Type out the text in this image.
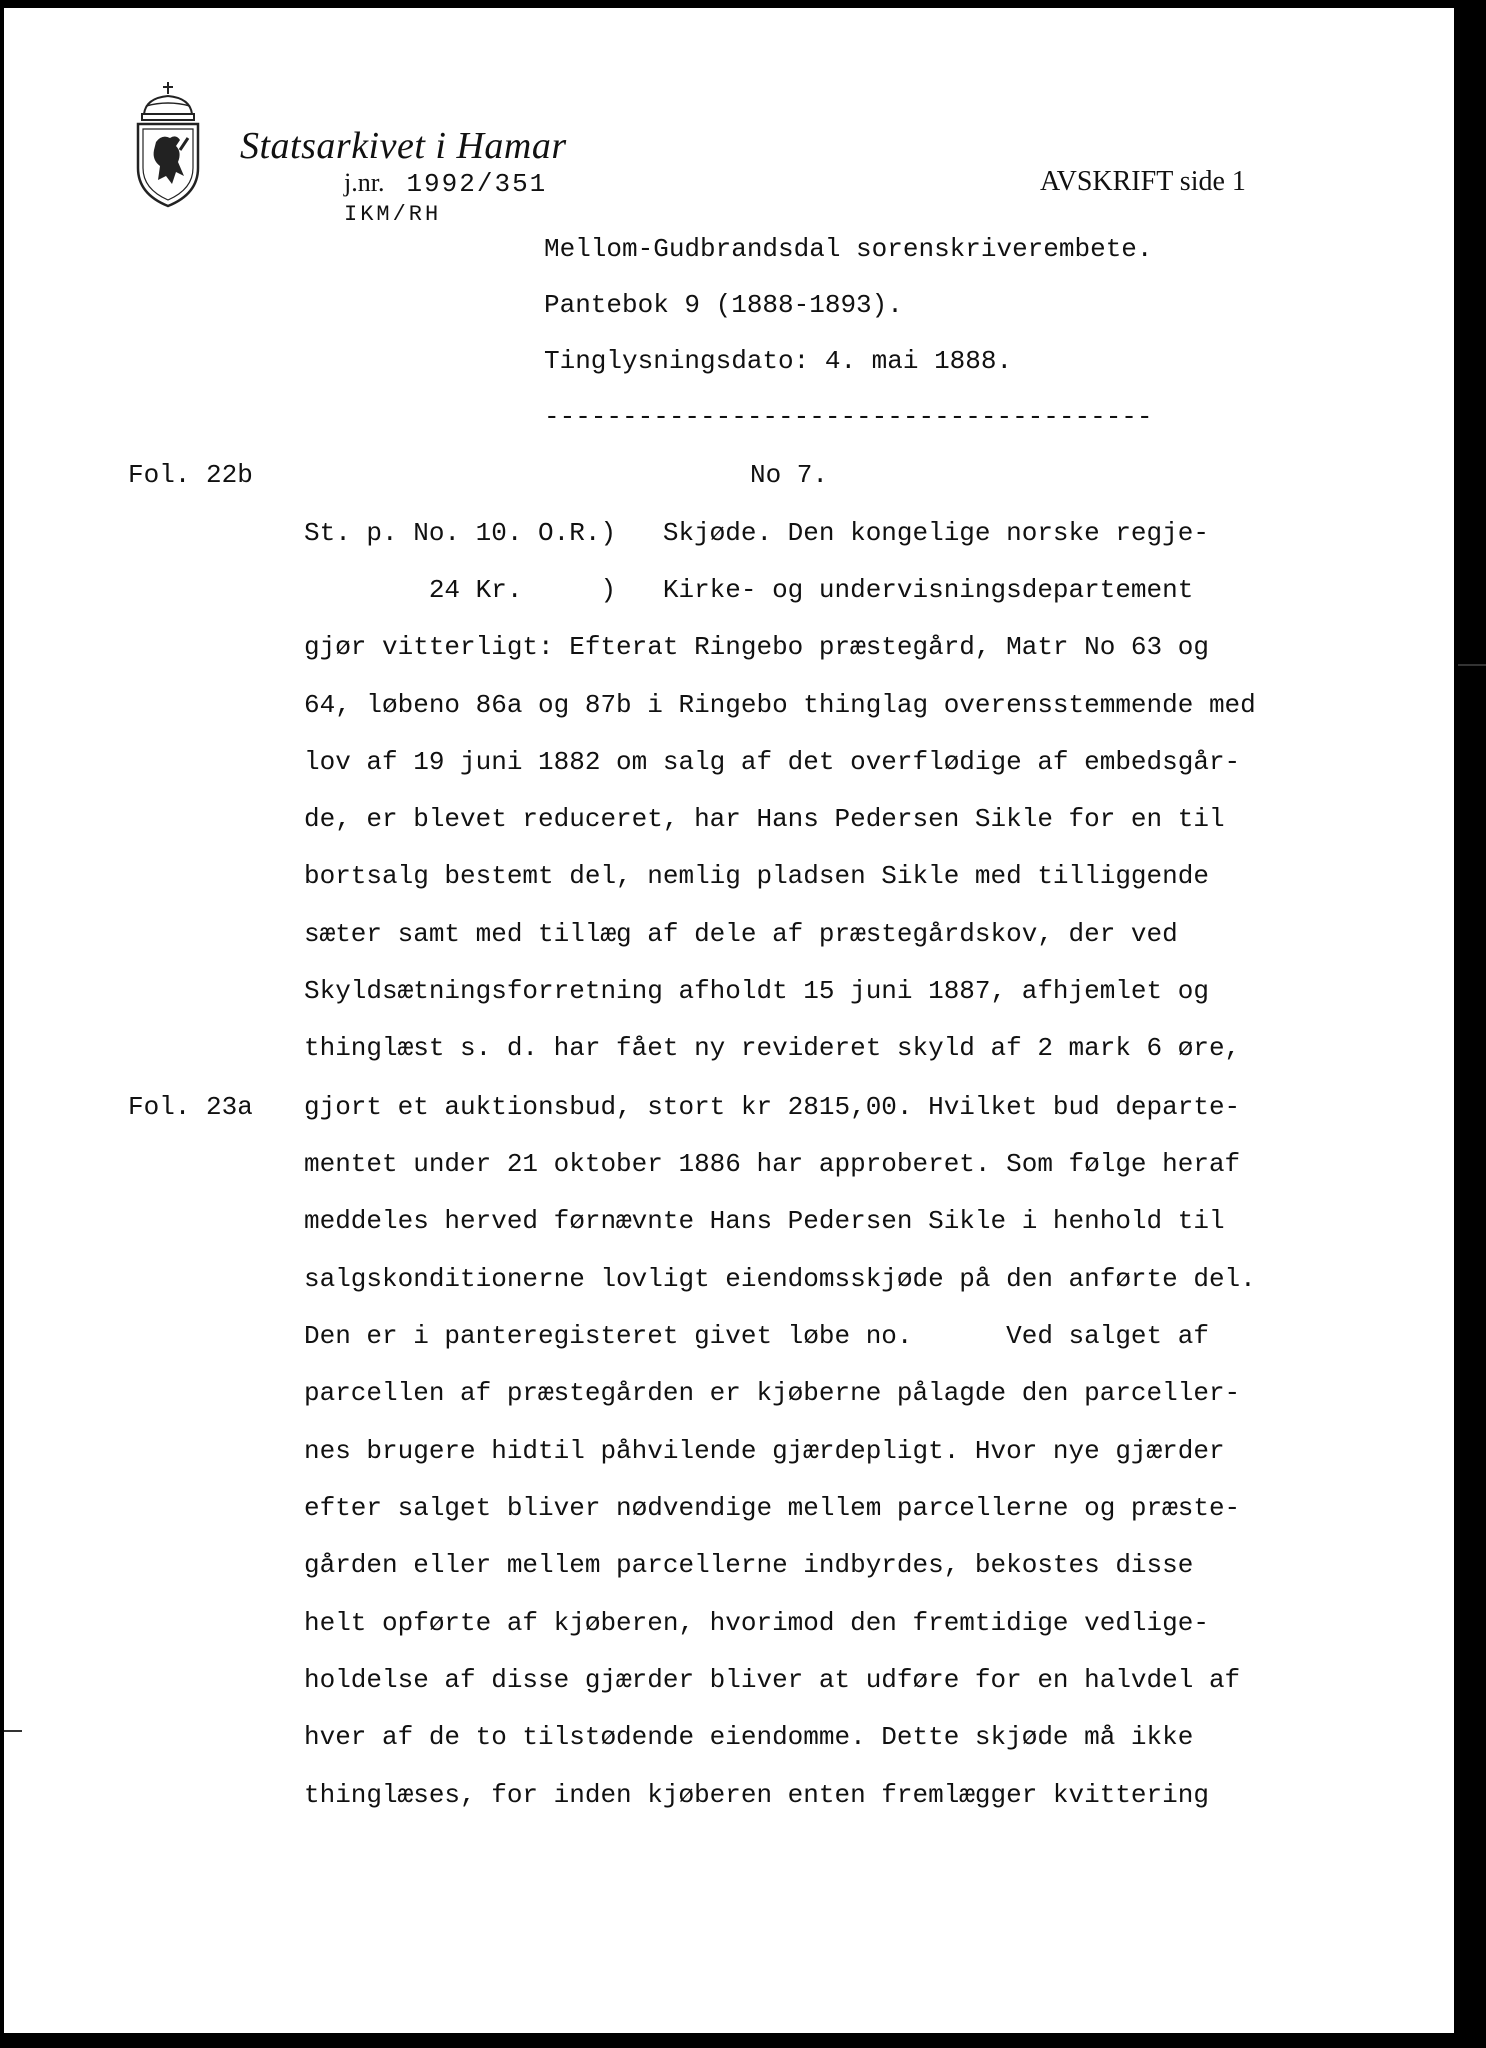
Statsarkivet i Hamar
j.nr. 1992/351
IKM/RH
AVSKRIFT side 1
Mellom-Gudbrandsdal sorenskriverembete.
Pantebok 9 (1888-1893).
Tinglysningsdato: 4. mai 1888.
---------------------------------------
Fol. 22b	No 7.
Fol. 23a
St. p. No. 10. O.R.)   Skjøde. Den kongelige norske regje-
24 Kr.     )   Kirke- og undervisningsdepartement
gjør vitterligt: Efterat Ringebo præstegård, Matr No 63 og
64, løbeno 86a og 87b i Ringebo thinglag overensstemmende med
lov af 19 juni 1882 om salg af det overflødige af embedsgår-
de, er blevet reduceret, har Hans Pedersen Sikle for en til
bortsalg bestemt del, nemlig pladsen Sikle med tilliggende
sæter samt med tillæg af dele af præstegårdskov, der ved
Skyldsætningsforretning afholdt 15 juni 1887, afhjemlet og
thinglæst s. d. har fået ny revideret skyld af 2 mark 6 øre,
gjort et auktionsbud, stort kr 2815,00. Hvilket bud departe-
mentet under 21 oktober 1886 har approberet. Som følge heraf
meddeles herved førnævnte Hans Pedersen Sikle i henhold til
salgskonditionerne lovligt eiendomsskjøde på den anførte del.
Den er i panteregisteret givet løbe no.      Ved salget af
parcellen af præstegården er kjøberne pålagde den parceller-
nes brugere hidtil påhvilende gjærdepligt. Hvor nye gjærder
efter salget bliver nødvendige mellem parcellerne og præste-
gården eller mellem parcellerne indbyrdes, bekostes disse
helt opførte af kjøberen, hvorimod den fremtidige vedlige-
holdelse af disse gjærder bliver at udføre for en halvdel af
hver af de to tilstødende eiendomme. Dette skjøde må ikke
thinglæses, for inden kjøberen enten fremlægger kvittering
